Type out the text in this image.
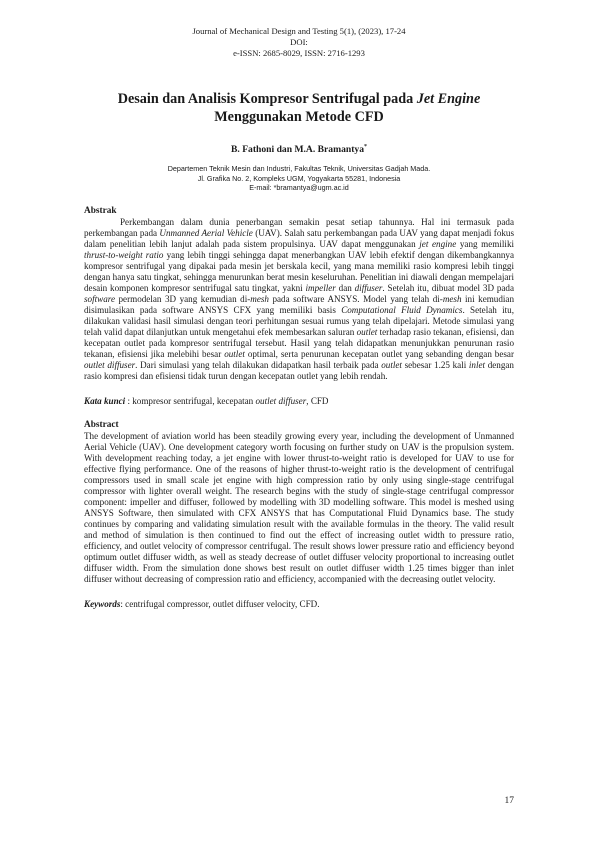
Journal of Mechanical Design and Testing 5(1), (2023), 17-24
DOI:
e-ISSN: 2685-8029, ISSN: 2716-1293
Desain dan Analisis Kompresor Sentrifugal pada Jet Engine
Menggunakan Metode CFD
B. Fathoni dan M.A. Bramantya*
Departemen Teknik Mesin dan Industri, Fakultas Teknik, Universitas Gadjah Mada.
Jl. Grafika No. 2, Kompleks UGM, Yogyakarta 55281, Indonesia
E-mail: *bramantya@ugm.ac.id
Abstrak

Perkembangan dalam dunia penerbangan semakin pesat setiap tahunnya. Hal ini termasuk pada perkembangan pada Unmanned Aerial Vehicle (UAV). Salah satu perkembangan pada UAV yang dapat menjadi fokus dalam penelitian lebih lanjut adalah pada sistem propulsinya. UAV dapat menggunakan jet engine yang memiliki thrust-to-weight ratio yang lebih tinggi sehingga dapat menerbangkan UAV lebih efektif dengan dikembangkannya kompresor sentrifugal yang dipakai pada mesin jet berskala kecil, yang mana memiliki rasio kompresi lebih tinggi dengan hanya satu tingkat, sehingga menurunkan berat mesin keseluruhan. Penelitian ini diawali dengan mempelajari desain komponen kompresor sentrifugal satu tingkat, yakni impeller dan diffuser. Setelah itu, dibuat model 3D pada software permodelan 3D yang kemudian di-mesh pada software ANSYS. Model yang telah di-mesh ini kemudian disimulasikan pada software ANSYS CFX yang memiliki basis Computational Fluid Dynamics. Setelah itu, dilakukan validasi hasil simulasi dengan teori perhitungan sesuai rumus yang telah dipelajari. Metode simulasi yang telah valid dapat dilanjutkan untuk mengetahui efek membesarkan saluran outlet terhadap rasio tekanan, efisiensi, dan kecepatan outlet pada kompresor sentrifugal tersebut. Hasil yang telah didapatkan menunjukkan penurunan rasio tekanan, efisiensi jika melebihi besar outlet optimal, serta penurunan kecepatan outlet yang sebanding dengan besar outlet diffuser. Dari simulasi yang telah dilakukan didapatkan hasil terbaik pada outlet sebesar 1.25 kali inlet dengan rasio kompresi dan efisiensi tidak turun dengan kecepatan outlet yang lebih rendah.

Kata kunci : kompresor sentrifugal, kecepatan outlet diffuser, CFD
Abstract

The development of aviation world has been steadily growing every year, including the development of Unmanned Aerial Vehicle (UAV). One development category worth focusing on further study on UAV is the propulsion system. With development reaching today, a jet engine with lower thrust-to-weight ratio is developed for UAV to use for effective flying performance. One of the reasons of higher thrust-to-weight ratio is the development of centrifugal compressors used in small scale jet engine with high compression ratio by only using single-stage centrifugal compressor with lighter overall weight. The research begins with the study of single-stage centrifugal compressor component: impeller and diffuser, followed by modelling with 3D modelling software. This model is meshed using ANSYS Software, then simulated with CFX ANSYS that has Computational Fluid Dynamics base. The study continues by comparing and validating simulation result with the available formulas in the theory. The valid result and method of simulation is then continued to find out the effect of increasing outlet width to pressure ratio, efficiency, and outlet velocity of compressor centrifugal. The result shows lower pressure ratio and efficiency beyond optimum outlet diffuser width, as well as steady decrease of outlet diffuser velocity proportional to increasing outlet diffuser width. From the simulation done shows best result on outlet diffuser width 1.25 times bigger than inlet diffuser without decreasing of compression ratio and efficiency, accompanied with the decreasing outlet velocity.

Keywords: centrifugal compressor, outlet diffuser velocity, CFD.
17
